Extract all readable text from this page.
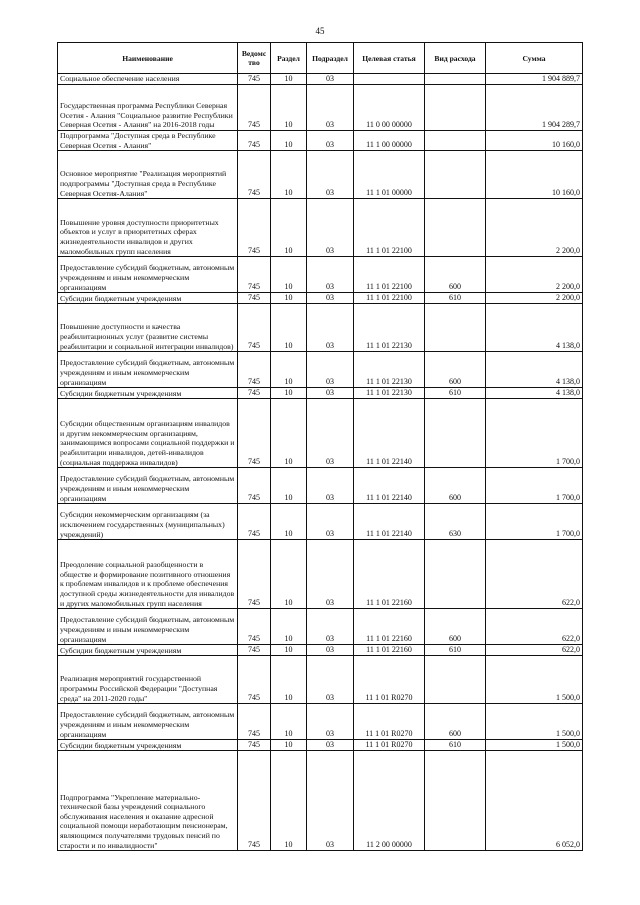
45
Наименование	Ведомс тво	Раздел	Подраздел	Целевая статья	Вид расхода	Сумма
Социальное обеспечение населения	745	10	03			1 904 889,7
Государственная программа Республики Северная Осетия - Алания "Социальное развитие Республики Северная Осетия - Алания" на 2016-2018 годы	745	10	03	11 0 00 00000		1 904 289,7
Подпрограмма "Доступная среда в Республике Северная Осетия - Алания"	745	10	03	11 1 00 00000		10 160,0
Основное мероприятие "Реализация мероприятий подпрограммы "Доступная среда в Республике Северная Осетия-Алания"	745	10	03	11 1 01 00000		10 160,0
Повышение уровня доступности приоритетных объектов и услуг в приоритетных сферах жизнедеятельности инвалидов и других маломобильных групп населения	745	10	03	11 1 01 22100		2 200,0
Предоставление субсидий бюджетным, автономным учреждениям и иным некоммерческим организациям	745	10	03	11 1 01 22100	600	2 200,0
Субсидии бюджетным учреждениям	745	10	03	11 1 01 22100	610	2 200,0
Повышение доступности и качества реабилитационных услуг (развитие системы реабилитации и социальной интеграции инвалидов)	745	10	03	11 1 01 22130		4 138,0
Предоставление субсидий бюджетным, автономным учреждениям и иным некоммерческим организациям	745	10	03	11 1 01 22130	600	4 138,0
Субсидии бюджетным учреждениям	745	10	03	11 1 01 22130	610	4 138,0
Субсидии общественным организациям инвалидов и другим некоммерческим организациям, занимающимся вопросами социальной поддержки и реабилитации инвалидов, детей-инвалидов (социальная поддержка инвалидов)	745	10	03	11 1 01 22140		1 700,0
Предоставление субсидий бюджетным, автономным учреждениям и иным некоммерческим организациям	745	10	03	11 1 01 22140	600	1 700,0
Субсидии некоммерческим организациям (за исключением государственных (муниципальных) учреждений)	745	10	03	11 1 01 22140	630	1 700,0
Преодоление социальной разобщенности в обществе и формирование позитивного отношения к проблемам инвалидов и к проблеме обеспечения доступной среды жизнедеятельности для инвалидов и других маломобильных групп населения	745	10	03	11 1 01 22160		622,0
Предоставление субсидий бюджетным, автономным учреждениям и иным некоммерческим организациям	745	10	03	11 1 01 22160	600	622,0
Субсидии бюджетным учреждениям	745	10	03	11 1 01 22160	610	622,0
Реализация мероприятий государственной программы Российской Федерации "Доступная среда" на 2011-2020 годы"	745	10	03	11 1 01 R0270		1 500,0
Предоставление субсидий бюджетным, автономным учреждениям и иным некоммерческим организациям	745	10	03	11 1 01 R0270	600	1 500,0
Субсидии бюджетным учреждениям	745	10	03	11 1 01 R0270	610	1 500,0
Подпрограмма "Укрепление материально-технической базы учреждений социального обслуживания населения и оказание адресной социальной помощи неработающим пенсионерам, являющимся получателями трудовых пенсий по старости и по инвалидности"	745	10	03	11 2 00 00000		6 052,0
